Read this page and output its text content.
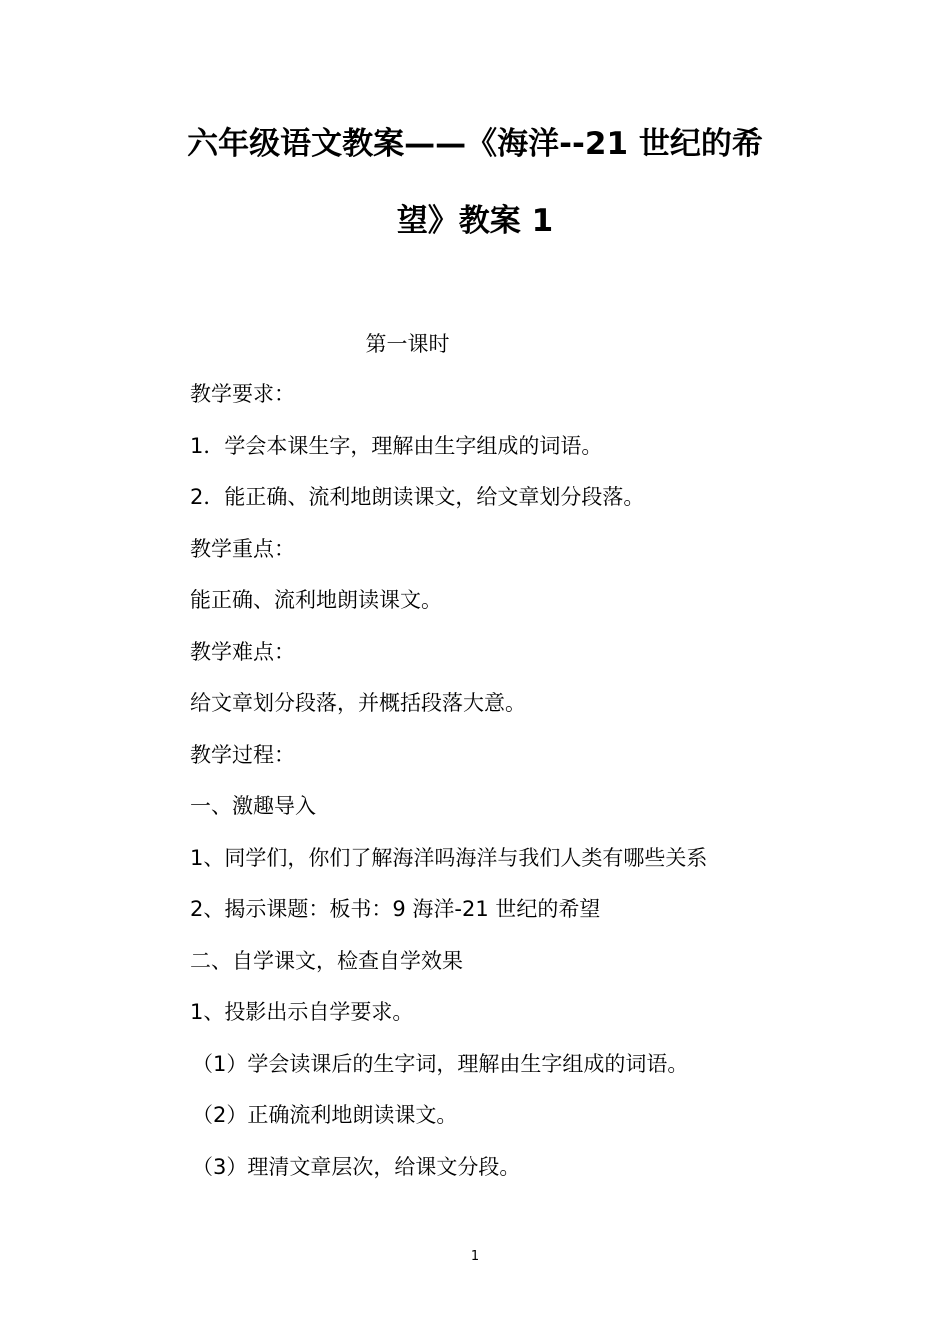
六年级语文教案——《海洋--21 世纪的希
望》教案 1
第一课时
教学要求：
1．学会本课生字，理解由生字组成的词语。
2．能正确、流利地朗读课文，给文章划分段落。
教学重点：
能正确、流利地朗读课文。
教学难点：
给文章划分段落，并概括段落大意。
教学过程：
一、激趣导入
1、同学们，你们了解海洋吗海洋与我们人类有哪些关系
2、揭示课题：板书：9 海洋-21 世纪的希望
二、自学课文，检查自学效果
1、投影出示自学要求。
（1）学会读课后的生字词，理解由生字组成的词语。
（2）正确流利地朗读课文。
（3）理清文章层次，给课文分段。
1
